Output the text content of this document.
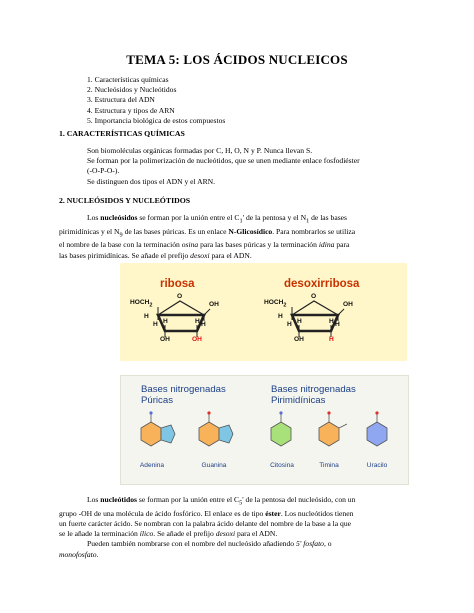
TEMA 5: LOS ÁCIDOS NUCLEICOS
1. Características químicas
2. Nucleósidos y Nucleótidos
3. Estructura del ADN
4. Estructura y tipos de ARN
5. Importancia biológica de estos compuestos
1. CARACTERÍSTICAS QUÍMICAS
Son biomoléculas orgánicas formadas por C, H, O, N y P. Nunca llevan S.
Se forman por la polimerización de nucleótidos, que se unen mediante enlace fosfodiéster
(-O-P-O-).
Se distinguen dos tipos el ADN y el ARN.
2. NUCLEÓSIDOS Y NUCLEÓTIDOS
Los nucleósidos se forman por la unión entre el $C_1'$ de la pentosa y el $N_1$ de las bases
pirimidínicas y el $N_9$ de las bases púricas. Es un enlace N-Glicosídico. Para nombrarlos se utiliza
el nombre de la base con la terminación osina para las bases púricas y la terminación idina para
las bases pirimidínicas. Se añade el prefijo desoxi para el ADN.
ribosa	desoxirribosa
$HOCH_2$
O
OH
H
H
H H	H
OH	OH
$HOCH_2$
O
OH
H
H
H H	H
OH	H
Bases nitrogenadas
Púricas
Bases nitrogenadas
Pirimidínicas
Adenina	Guanina	Citosina	Timina	Uracilo
Los nucleótidos se forman por la unión entre el $C_5'$ de la pentosa del nucleósido, con un
grupo -OH de una molécula de ácido fosfórico. El enlace es de tipo éster. Los nucleótidos tienen
un fuerte carácter ácido. Se nombran con la palabra ácido delante del nombre de la base a la que
se le añade la terminación ílico. Se añade el prefijo desoxi para el ADN.
Pueden también nombrarse con el nombre del nucleósido añadiendo 5' fosfato, o
monofosfato.
